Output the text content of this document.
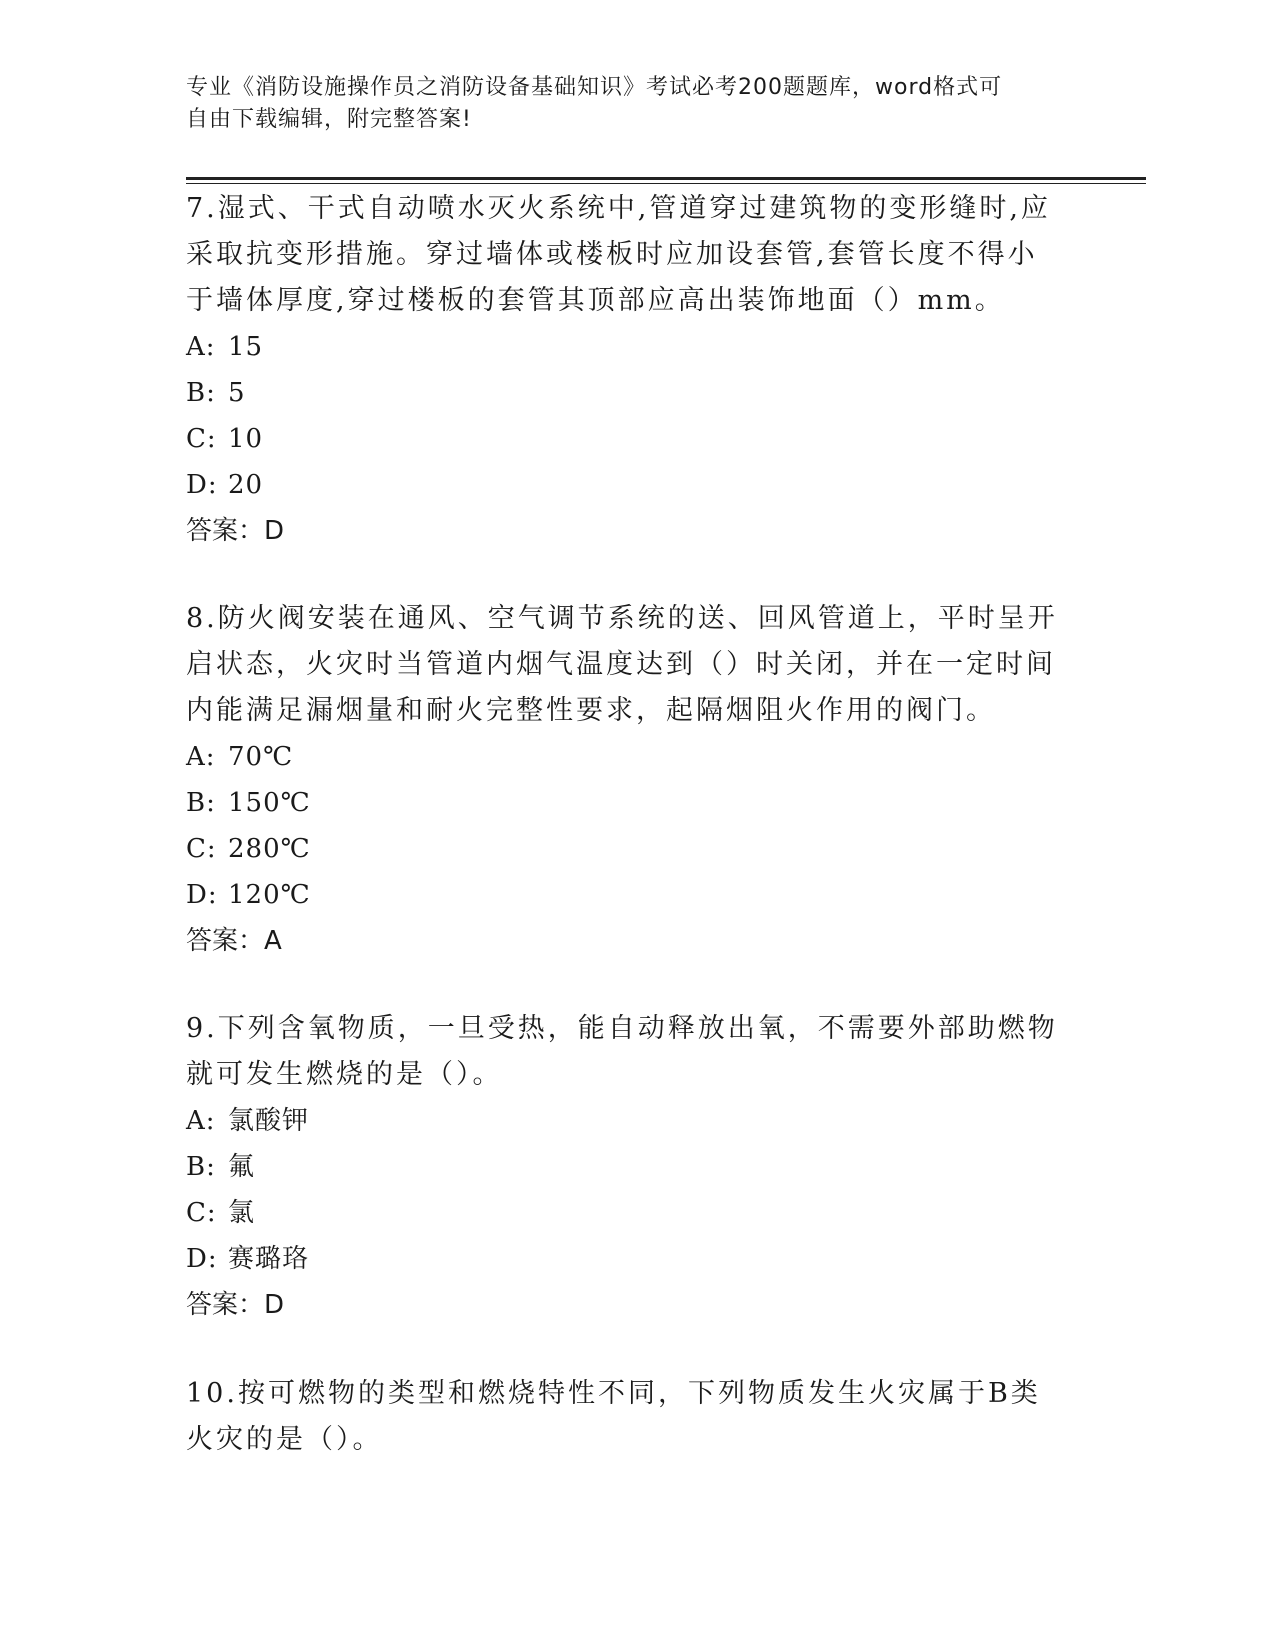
专业《消防设施操作员之消防设备基础知识》考试必考200题题库，word格式可
自由下载编辑，附完整答案!

7.湿式、干式自动喷水灭火系统中,管道穿过建筑物的变形缝时,应采取抗变形措施。穿过墙体或楼板时应加设套管,套管长度不得小于墙体厚度,穿过楼板的套管其顶部应高出装饰地面（）mm。

A: 15
B: 5
C: 10
D: 20
答案：D

8.防火阀安装在通风、空气调节系统的送、回风管道上，平时呈开启状态，火灾时当管道内烟气温度达到（）时关闭，并在一定时间内能满足漏烟量和耐火完整性要求，起隔烟阻火作用的阀门。

A: 70℃
B: 150℃
C: 280℃
D: 120℃
答案：A

9.下列含氧物质，一旦受热，能自动释放出氧，不需要外部助燃物就可发生燃烧的是（）。

A: 氯酸钾
B: 氟
C: 氯
D: 赛璐珞
答案：D

10.按可燃物的类型和燃烧特性不同，下列物质发生火灾属于B类火灾的是（）。
